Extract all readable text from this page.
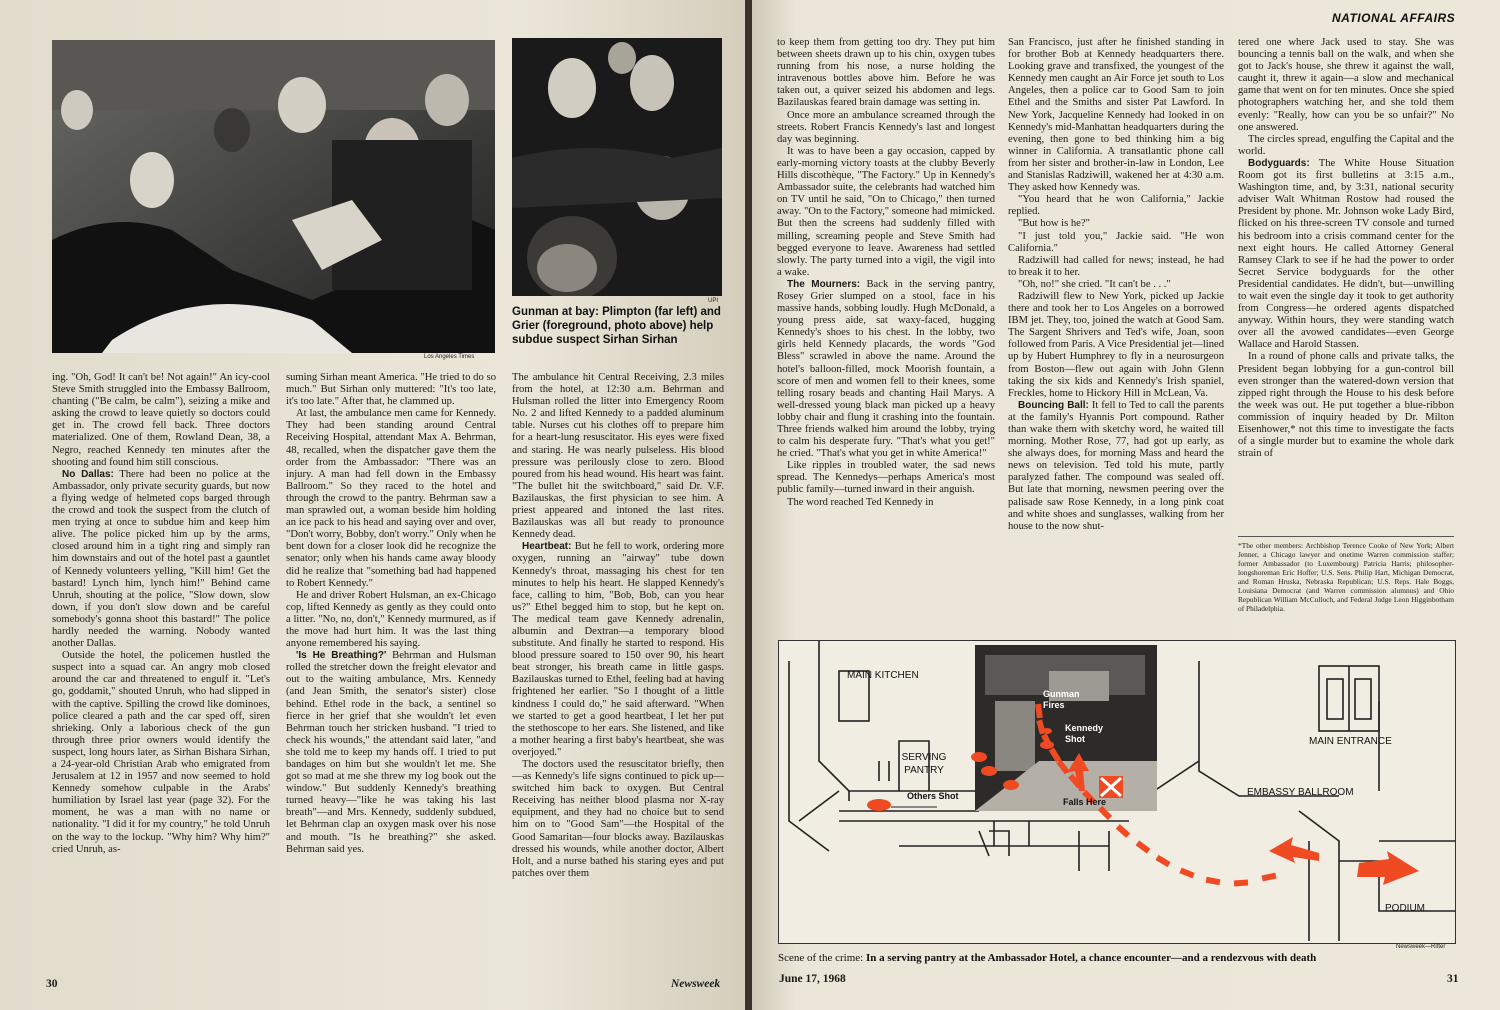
Los Angeles Times
UPI
Gunman at bay: Plimpton (far left) and Grier (foreground, photo above) help subdue suspect Sirhan Sirhan

ing. "Oh, God! It can't be! Not again!" An icy-cool Steve Smith struggled into the Embassy Ballroom, chanting ("Be calm, be calm"), seizing a mike and asking the crowd to leave quietly so doctors could get in. The crowd fell back. Three doctors materialized. One of them, Rowland Dean, 38, a Negro, reached Kennedy ten minutes after the shooting and found him still conscious.

No Dallas: There had been no police at the Ambassador, only private security guards, but now a flying wedge of helmeted cops barged through the crowd and took the suspect from the clutch of men trying at once to subdue him and keep him alive. The police picked him up by the arms, closed around him in a tight ring and simply ran him downstairs and out of the hotel past a gauntlet of Kennedy volunteers yelling, "Kill him! Get the bastard! Lynch him, lynch him!" Behind came Unruh, shouting at the police, "Slow down, slow down, if you don't slow down and be careful somebody's gonna shoot this bastard!" The police hardly needed the warning. Nobody wanted another Dallas.

Outside the hotel, the policemen hustled the suspect into a squad car. An angry mob closed around the car and threatened to engulf it. "Let's go, goddamit," shouted Unruh, who had slipped in with the captive. Spilling the crowd like dominoes, police cleared a path and the car sped off, siren shrieking. Only a laborious check of the gun through three prior owners would identify the suspect, long hours later, as Sirhan Bishara Sirhan, a 24-year-old Christian Arab who emigrated from Jerusalem at 12 in 1957 and now seemed to hold Kennedy somehow culpable in the Arabs' humiliation by Israel last year (page 32). For the moment, he was a man with no name or nationality. "I did it for my country," he told Unruh on the way to the lockup. "Why him? Why him?" cried Unruh, as-

suming Sirhan meant America. "He tried to do so much." But Sirhan only muttered: "It's too late, it's too late." After that, he clammed up.

At last, the ambulance men came for Kennedy. They had been standing around Central Receiving Hospital, attendant Max A. Behrman, 48, recalled, when the dispatcher gave them the order from the Ambassador: "There was an injury. A man had fell down in the Embassy Ballroom." So they raced to the hotel and through the crowd to the pantry. Behrman saw a man sprawled out, a woman beside him holding an ice pack to his head and saying over and over, "Don't worry, Bobby, don't worry." Only when he bent down for a closer look did he recognize the senator; only when his hands came away bloody did he realize that "something bad had happened to Robert Kennedy."

He and driver Robert Hulsman, an ex-Chicago cop, lifted Kennedy as gently as they could onto a litter. "No, no, don't," Kennedy murmured, as if the move had hurt him. It was the last thing anyone remembered his saying.

'Is He Breathing?' Behrman and Hulsman rolled the stretcher down the freight elevator and out to the waiting ambulance, Mrs. Kennedy (and Jean Smith, the senator's sister) close behind. Ethel rode in the back, a sentinel so fierce in her grief that she wouldn't let even Behrman touch her stricken husband. "I tried to check his wounds," the attendant said later, "and she told me to keep my hands off. I tried to put bandages on him but she wouldn't let me. She got so mad at me she threw my log book out the window." But suddenly Kennedy's breathing turned heavy—"like he was taking his last breath"—and Mrs. Kennedy, suddenly subdued, let Behrman clap an oxygen mask over his nose and mouth. "Is he breathing?" she asked. Behrman said yes.

The ambulance hit Central Receiving, 2.3 miles from the hotel, at 12:30 a.m. Behrman and Hulsman rolled the litter into Emergency Room No. 2 and lifted Kennedy to a padded aluminum table. Nurses cut his clothes off to prepare him for a heart-lung resuscitator. His eyes were fixed and staring. He was nearly pulseless. His blood pressure was perilously close to zero. Blood poured from his head wound. His heart was faint. "The bullet hit the switchboard," said Dr. V.F. Bazilauskas, the first physician to see him. A priest appeared and intoned the last rites. Bazilauskas was all but ready to pronounce Kennedy dead.

Heartbeat: But he fell to work, ordering more oxygen, running an "airway" tube down Kennedy's throat, massaging his chest for ten minutes to help his heart. He slapped Kennedy's face, calling to him, "Bob, Bob, can you hear us?" Ethel begged him to stop, but he kept on. The medical team gave Kennedy adrenalin, albumin and Dextran—a temporary blood substitute. And finally he started to respond. His blood pressure soared to 150 over 90, his heart beat stronger, his breath came in little gasps. Bazilauskas turned to Ethel, feeling bad at having frightened her earlier. "So I thought of a little kindness I could do," he said afterward. "When we started to get a good heartbeat, I let her put the stethoscope to her ears. She listened, and like a mother hearing a first baby's heartbeat, she was overjoyed."

The doctors used the resuscitator briefly, then—as Kennedy's life signs continued to pick up—switched him back to oxygen. But Central Receiving has neither blood plasma nor X-ray equipment, and they had no choice but to send him on to "Good Sam"—the Hospital of the Good Samaritan—four blocks away. Bazilauskas dressed his wounds, while another doctor, Albert Holt, and a nurse bathed his staring eyes and put patches over them

30	Newsweek
NATIONAL AFFAIRS

to keep them from getting too dry. They put him between sheets drawn up to his chin, oxygen tubes running from his nose, a nurse holding the intravenous bottles above him. Before he was taken out, a quiver seized his abdomen and legs. Bazilauskas feared brain damage was setting in.

Once more an ambulance screamed through the streets. Robert Francis Kennedy's last and longest day was beginning.

It was to have been a gay occasion, capped by early-morning victory toasts at the clubby Beverly Hills discothèque, "The Factory." Up in Kennedy's Ambassador suite, the celebrants had watched him on TV until he said, "On to Chicago," then turned away. "On to the Factory," someone had mimicked. But then the screens had suddenly filled with milling, screaming people and Steve Smith had begged everyone to leave. Awareness had settled slowly. The party turned into a vigil, the vigil into a wake.

The Mourners: Back in the serving pantry, Rosey Grier slumped on a stool, face in his massive hands, sobbing loudly. Hugh McDonald, a young press aide, sat waxy-faced, hugging Kennedy's shoes to his chest. In the lobby, two girls held Kennedy placards, the words "God Bless" scrawled in above the name. Around the hotel's balloon-filled, mock Moorish fountain, a score of men and women fell to their knees, some telling rosary beads and chanting Hail Marys. A well-dressed young black man picked up a heavy lobby chair and flung it crashing into the fountain. Three friends walked him around the lobby, trying to calm his desperate fury. "That's what you get!" he cried. "That's what you get in white America!"

Like ripples in troubled water, the sad news spread. The Kennedys—perhaps America's most public family—turned inward in their anguish.

The word reached Ted Kennedy in

San Francisco, just after he finished standing in for brother Bob at Kennedy headquarters there. Looking grave and transfixed, the youngest of the Kennedy men caught an Air Force jet south to Los Angeles, then a police car to Good Sam to join Ethel and the Smiths and sister Pat Lawford. In New York, Jacqueline Kennedy had looked in on Kennedy's mid-Manhattan headquarters during the evening, then gone to bed thinking him a big winner in California. A transatlantic phone call from her sister and brother-in-law in London, Lee and Stanislas Radziwill, wakened her at 4:30 a.m. They asked how Kennedy was.

"You heard that he won California," Jackie replied.

"But how is he?"

"I just told you," Jackie said. "He won California."

Radziwill had called for news; instead, he had to break it to her.

"Oh, no!" she cried. "It can't be . . ."

Radziwill flew to New York, picked up Jackie there and took her to Los Angeles on a borrowed IBM jet. They, too, joined the watch at Good Sam. The Sargent Shrivers and Ted's wife, Joan, soon followed from Paris. A Vice Presidential jet—lined up by Hubert Humphrey to fly in a neurosurgeon from Boston—flew out again with John Glenn taking the six kids and Kennedy's Irish spaniel, Freckles, home to Hickory Hill in McLean, Va.

Bouncing Ball: It fell to Ted to call the parents at the family's Hyannis Port compound. Rather than wake them with sketchy word, he waited till morning. Mother Rose, 77, had got up early, as she always does, for morning Mass and heard the news on television. Ted told his mute, partly paralyzed father. The compound was sealed off. But late that morning, newsmen peering over the palisade saw Rose Kennedy, in a long pink coat and white shoes and sunglasses, walking from her house to the now shut-

tered one where Jack used to stay. She was bouncing a tennis ball on the walk, and when she got to Jack's house, she threw it against the wall, caught it, threw it again—a slow and mechanical game that went on for ten minutes. Once she spied photographers watching her, and she told them evenly: "Really, how can you be so unfair?" No one answered.

The circles spread, engulfing the Capital and the world.

Bodyguards: The White House Situation Room got its first bulletins at 3:15 a.m., Washington time, and, by 3:31, national security adviser Walt Whitman Rostow had roused the President by phone. Mr. Johnson woke Lady Bird, flicked on his three-screen TV console and turned his bedroom into a crisis command center for the next eight hours. He called Attorney General Ramsey Clark to see if he had the power to order Secret Service bodyguards for the other Presidential candidates. He didn't, but—unwilling to wait even the single day it took to get authority from Congress—he ordered agents dispatched anyway. Within hours, they were standing watch over all the avowed candidates—even George Wallace and Harold Stassen.

In a round of phone calls and private talks, the President began lobbying for a gun-control bill even stronger than the watered-down version that zipped right through the House to his desk before the week was out. He put together a blue-ribbon commission of inquiry headed by Dr. Milton Eisenhower,* not this time to investigate the facts of a single murder but to examine the whole dark strain of

*The other members: Archbishop Terence Cooke of New York; Albert Jenner, a Chicago lawyer and onetime Warren commission staffer; former Ambassador (to Luxembourg) Patricia Harris; philosopher-longshoreman Eric Hoffer; U.S. Sens. Philip Hart, Michigan Democrat, and Roman Hruska, Nebraska Republican; U.S. Reps. Hale Boggs, Louisiana Democrat (and Warren commission alumnus) and Ohio Republican William McCulloch, and Federal Judge Leon Higginbotham of Philadelphia.
MAIN KITCHEN
SERVING PANTRY
Gunman Fires
Kennedy Shot
Others Shot
Falls Here
MAIN ENTRANCE
EMBASSY BALLROOM
PODIUM
Newsweek—Ritter
Scene of the crime: In a serving pantry at the Ambassador Hotel, a chance encounter—and a rendezvous with death
June 17, 1968	31
